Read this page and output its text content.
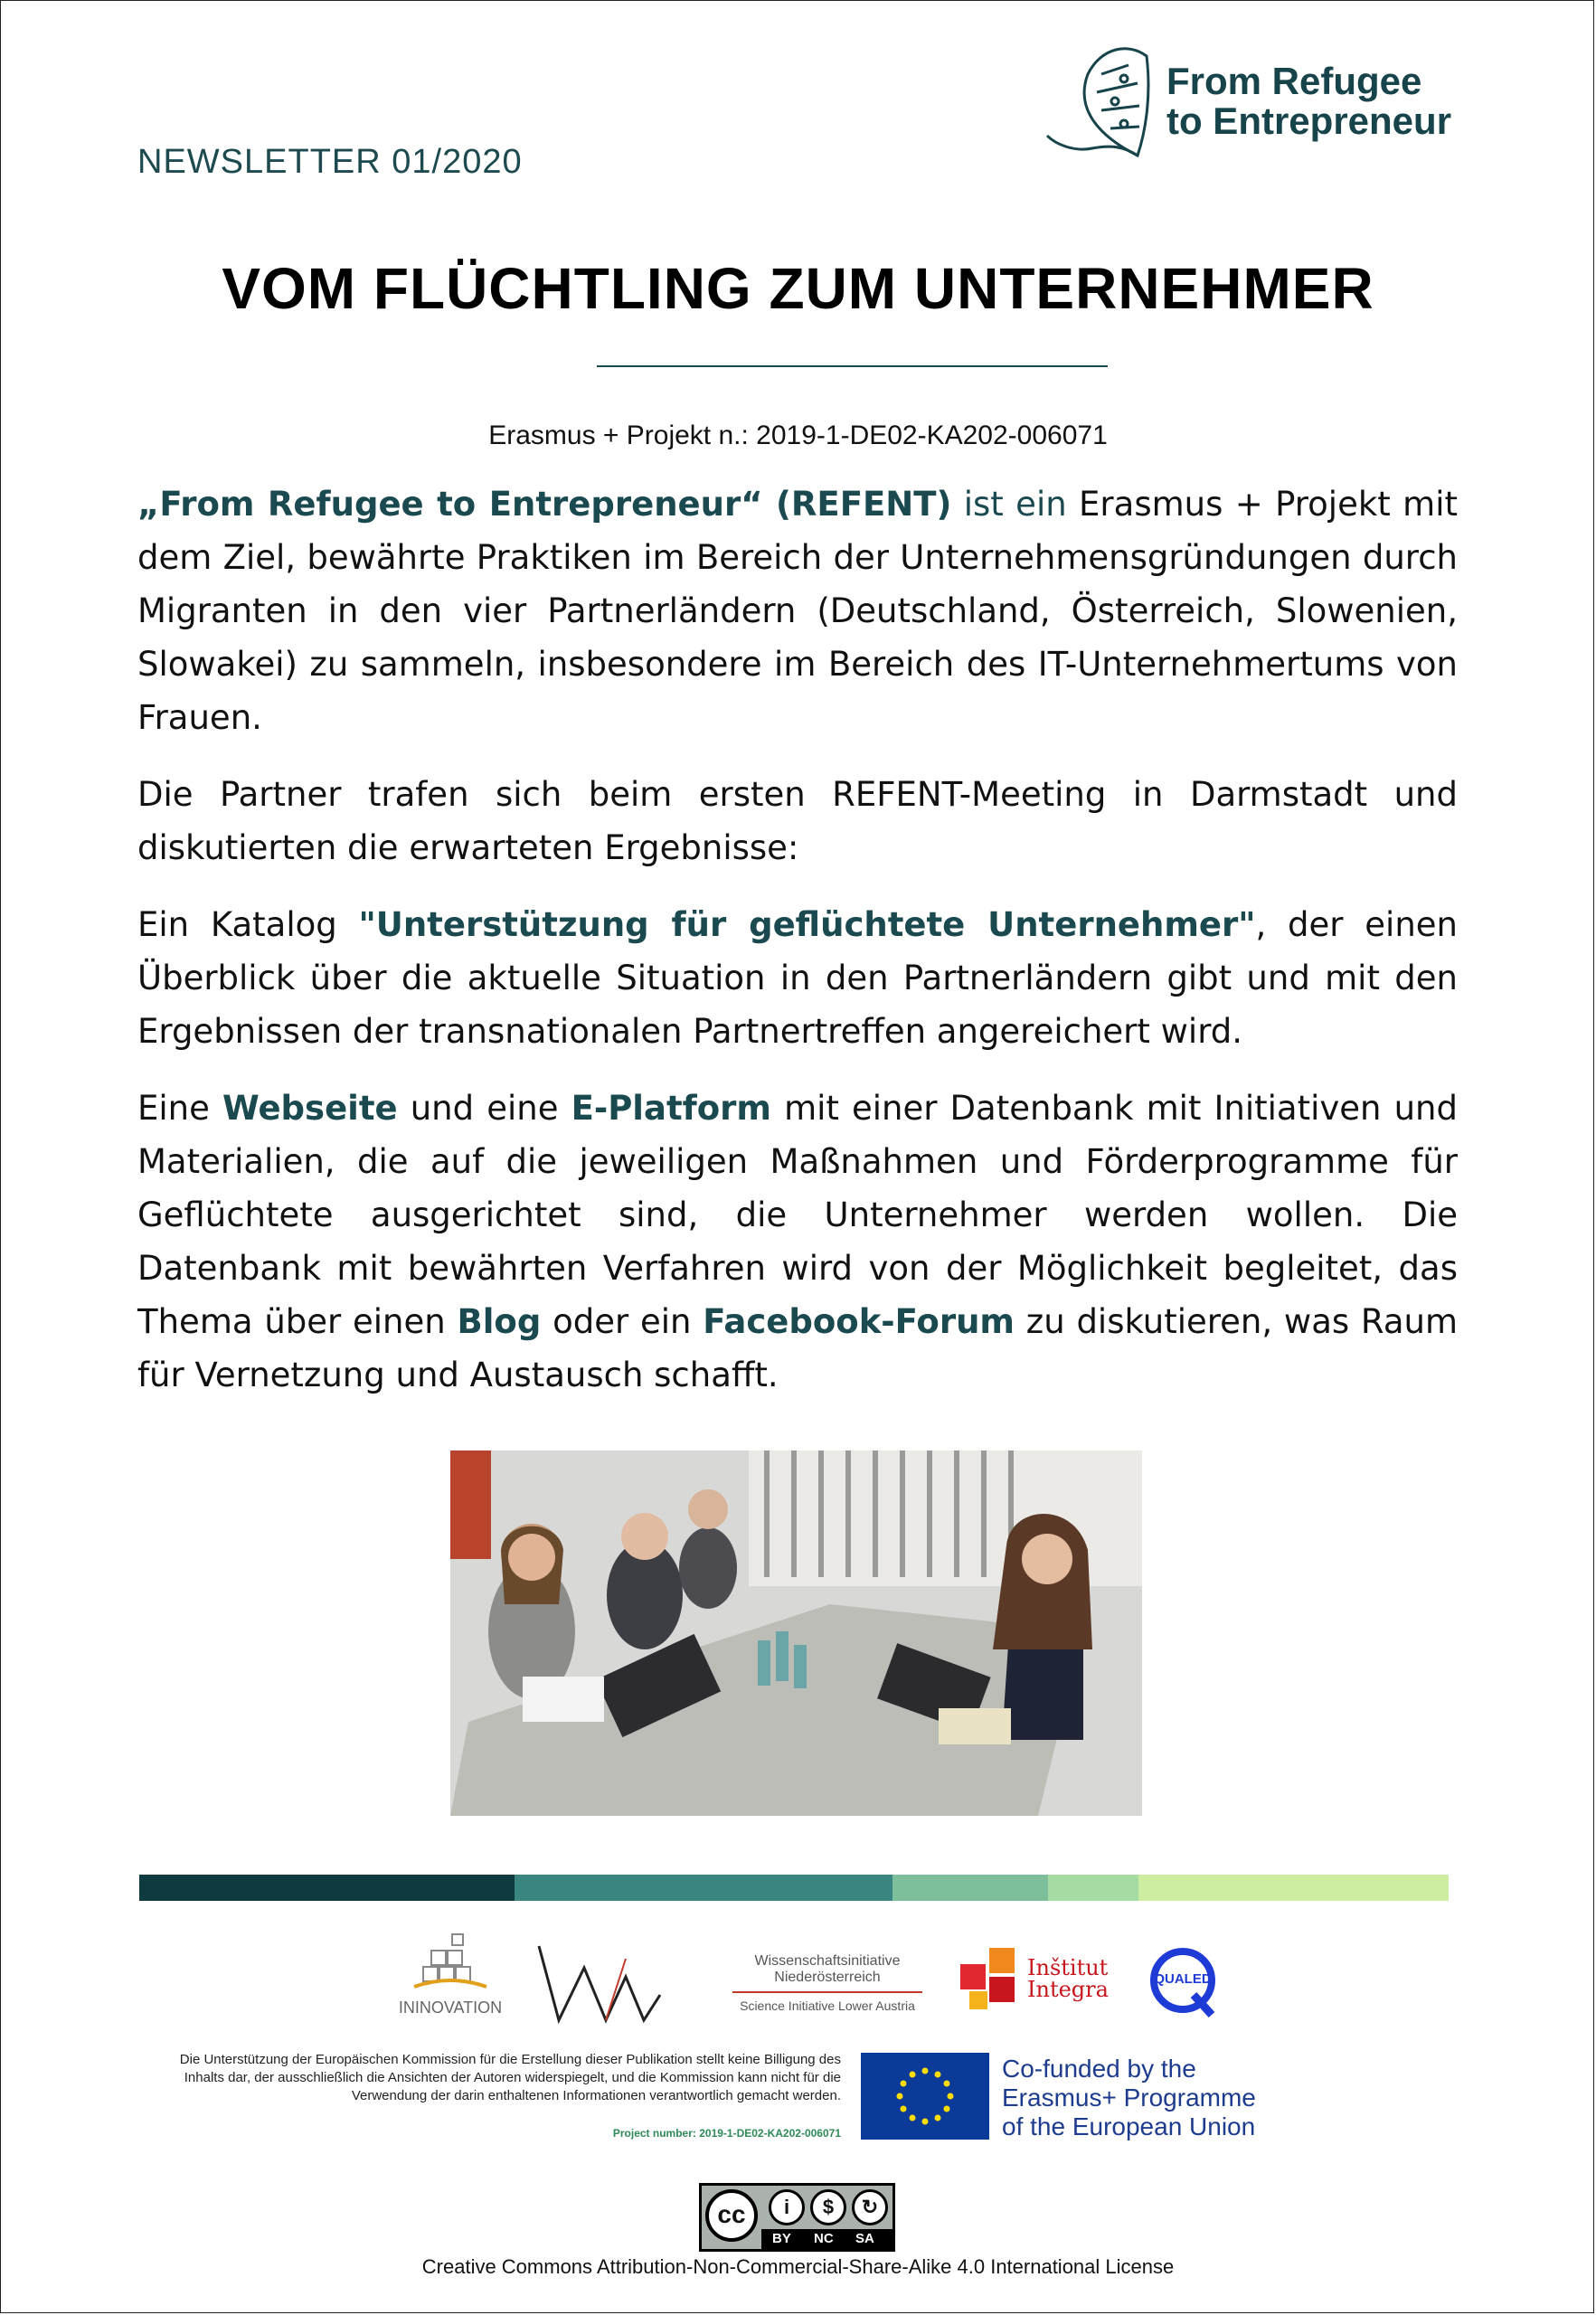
NEWSLETTER 01/2020
From Refugee
to Entrepreneur
VOM FLÜCHTLING ZUM UNTERNEHMER
Erasmus + Projekt n.: 2019-1-DE02-KA202-006071

„From Refugee to Entrepreneur“ (REFENT) ist ein Erasmus + Projekt mit dem Ziel, bewährte Praktiken im Bereich der Unternehmensgründungen durch Migranten in den vier Partnerländern (Deutschland, Österreich, Slowenien, Slowakei) zu sammeln, insbesondere im Bereich des IT-Unternehmertums von Frauen.

Die Partner trafen sich beim ersten REFENT-Meeting in Darmstadt und diskutierten die erwarteten Ergebnisse:

Ein Katalog "Unterstützung für geflüchtete Unternehmer", der einen Überblick über die aktuelle Situation in den Partnerländern gibt und mit den Ergebnissen der transnationalen Partnertreffen angereichert wird.

Eine Webseite und eine E-Platform mit einer Datenbank mit Initiativen und Materialien, die auf die jeweiligen Maßnahmen und Förderprogramme für Geflüchtete ausgerichtet sind, die Unternehmer werden wollen. Die Datenbank mit bewährten Verfahren wird von der Möglichkeit begleitet, das Thema über einen Blog oder ein Facebook-Forum zu diskutieren, was Raum für Vernetzung und Austausch schafft.

ININOVATION
Wissenschaftsinitiative
Niederösterreich
Science Initiative Lower Austria
Inštitut
Integra	QUALED
Die Unterstützung der Europäischen Kommission für die Erstellung dieser Publikation stellt keine Billigung des Inhalts dar, der ausschließlich die Ansichten der Autoren widerspiegelt, und die Kommission kann nicht für die Verwendung der darin enthaltenen Informationen verantwortlich gemacht werden.
Project number: 2019-1-DE02-KA202-006071
Co-funded by the
Erasmus+ Programme
of the European Union
cc	i	$	↻
BY NC SA
Creative Commons Attribution-Non-Commercial-Share-Alike 4.0 International License
